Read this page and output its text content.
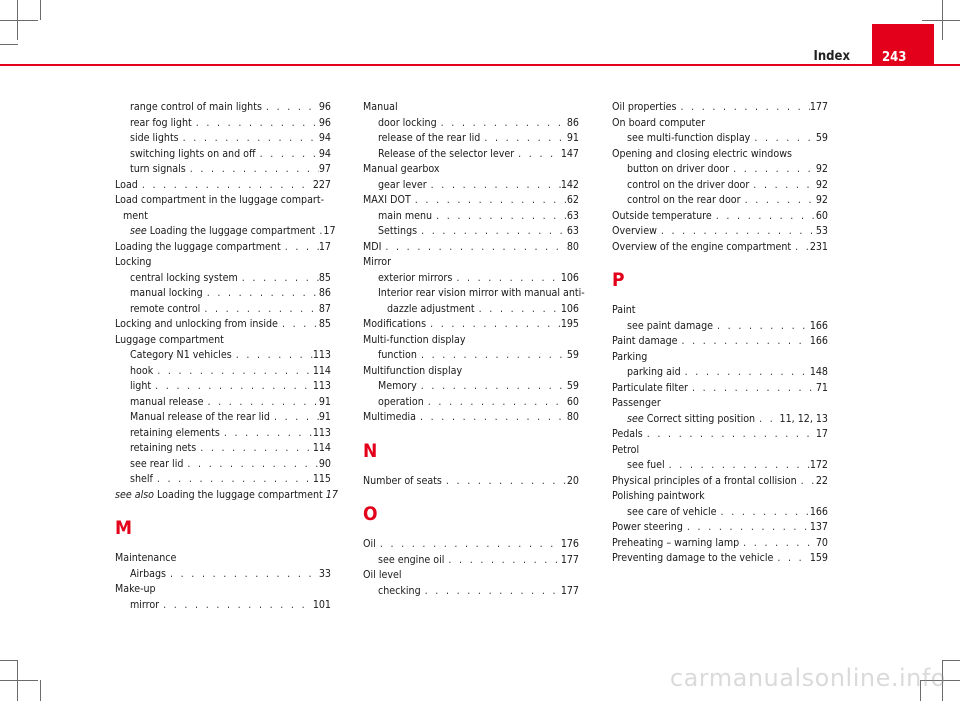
Index	243
range control of main lights . . .	96
rear fog light . . .	96
side lights . . .	94
switching lights on and off . . .	94
turn signals . . .	97
Load . . .	227
Load compartment in the luggage compart-
ment
see Loading the luggage compartment . . . 17
Loading the luggage compartment . . .	17
Locking
central locking system . . .	85
manual locking . . .	86
remote control . . .	87
Locking and unlocking from inside . . .	85
Luggage compartment
Category N1 vehicles . . .	113
hook . . .	114
light . . .	113
manual release . . .	91
Manual release of the rear lid . . .	91
retaining elements . . .	113
retaining nets . . .	114
see rear lid . . .	90
shelf . . .	115
see also Loading the luggage compartment 17
M
Maintenance
Airbags . . .	33
Make-up
mirror . . .	101
Manual
door locking . . .	86
release of the rear lid . . .	91
Release of the selector lever . . .	147
Manual gearbox
gear lever . . .	142
MAXI DOT . . .	62
main menu . . .	63
Settings . . .	63
MDI . . .	80
Mirror
exterior mirrors . . .	106
Interior rear vision mirror with manual anti-
dazzle adjustment . . .	106
Modifications . . .	195
Multi-function display
function . . .	59
Multifunction display
Memory . . .	59
operation . . .	60
Multimedia . . .	80
N
Number of seats . . .	20
O
Oil . . .	176
see engine oil . . .	177
Oil level
checking . . .	177
Oil properties . . .	177
On board computer
see multi-function display . . .	59
Opening and closing electric windows
button on driver door . . .	92
control on the driver door . . .	92
control on the rear door . . .	92
Outside temperature . . .	60
Overview . . .	53
Overview of the engine compartment . . . 231
P
Paint
see paint damage . . .	166
Paint damage . . .	166
Parking
parking aid . . .	148
Particulate filter . . .	71
Passenger
see Correct sitting position . . . 11, 12, 13
Pedals . . .	17
Petrol
see fuel . . .	172
Physical principles of a frontal collision . . . 22
Polishing paintwork
see care of vehicle . . .	166
Power steering . . .	137
Preheating – warning lamp . . .	70
Preventing damage to the vehicle . . .	159
carmanualsonline.info
